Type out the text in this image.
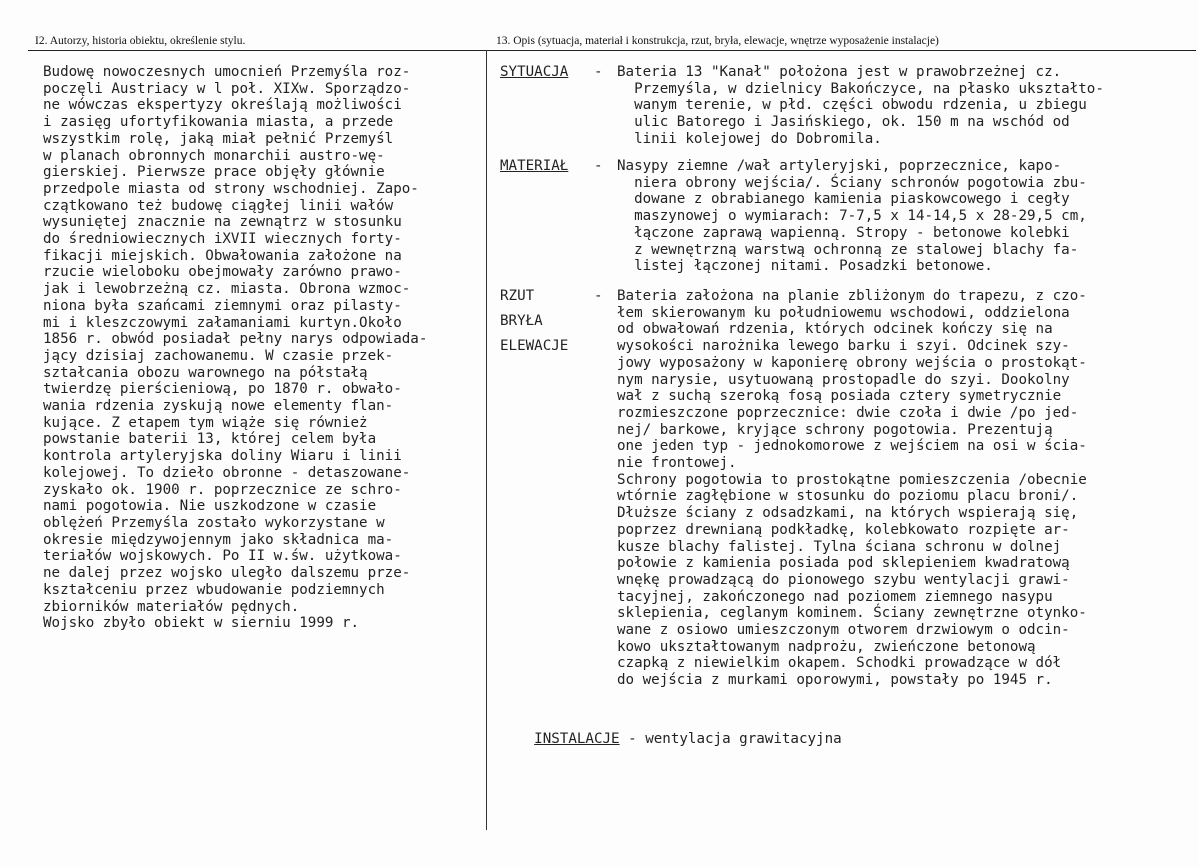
I2. Autorzy, historia obiektu, określenie stylu.	13. Opis (sytuacja, materiał i konstrukcja, rzut, bryła, elewacje, wnętrze wyposażenie instalacje)
Budowę nowoczesnych umocnień Przemyśla roz-
poczęli Austriacy w l poł. XIXw. Sporządzo-
ne wówczas ekspertyzy określają możliwości
i zasięg ufortyfikowania miasta, a przede
wszystkim rolę, jaką miał pełnić Przemyśl
w planach obronnych monarchii austro-wę-
gierskiej. Pierwsze prace objęły głównie
przedpole miasta od strony wschodniej. Zapo-
czątkowano też budowę ciągłej linii wałów
wysuniętej znacznie na zewnątrz w stosunku
do średniowiecznych iXVII wiecznych forty-
fikacji miejskich. Obwałowania założone na
rzucie wieloboku obejmowały zarówno prawo-
jak i lewobrzeżną cz. miasta. Obrona wzmoc-
niona była szańcami ziemnymi oraz pilasty-
mi i kleszczowymi załamaniami kurtyn.Około
1856 r. obwód posiadał pełny narys odpowiada-
jący dzisiaj zachowanemu. W czasie przek-
ształcania obozu warownego na półstałą
twierdzę pierścieniową, po 1870 r. obwało-
wania rdzenia zyskują nowe elementy flan-
kujące. Z etapem tym wiąże się również
powstanie baterii 13, której celem była
kontrola artyleryjska doliny Wiaru i linii
kolejowej. To dzieło obronne - detaszowane-
zyskało ok. 1900 r. poprzecznice ze schro-
nami pogotowia. Nie uszkodzone w czasie
oblężeń Przemyśla zostało wykorzystane w
okresie międzywojennym jako składnica ma-
teriałów wojskowych. Po II w.św. użytkowa-
ne dalej przez wojsko uległo dalszemu prze-
kształceniu przez wbudowanie podziemnych
zbiorników materiałów pędnych.
Wojsko zbyło obiekt w sierniu 1999 r.
SYTUACJA - Bateria 13 "Kanał" położona jest w prawobrzeżnej cz.
Przemyśla, w dzielnicy Bakończyce, na płasko ukształto-
wanym terenie, w płd. części obwodu rdzenia, u zbiegu
ulic Batorego i Jasińskiego, ok. 150 m na wschód od
linii kolejowej do Dobromila.
MATERIAŁ - Nasypy ziemne /wał artyleryjski, poprzecznice, kapo-
niera obrony wejścia/. Ściany schronów pogotowia zbu-
dowane z obrabianego kamienia piaskowcowego i cegły
maszynowej o wymiarach: 7-7,5 x 14-14,5 x 28-29,5 cm,
łączone zaprawą wapienną. Stropy - betonowe kolebki
z wewnętrzną warstwą ochronną ze stalowej blachy fa-
listej łączonej nitami. Posadzki betonowe.
RZUT
BRYŁA
ELEWACJE
- Bateria założona na planie zbliżonym do trapezu, z czo-
łem skierowanym ku południowemu wschodowi, oddzielona
od obwałowań rdzenia, których odcinek kończy się na
wysokości narożnika lewego barku i szyi. Odcinek szy-
jowy wyposażony w kaponierę obrony wejścia o prostokąt-
nym narysie, usytuowaną prostopadle do szyi. Dookolny
wał z suchą szeroką fosą posiada cztery symetrycznie
rozmieszczone poprzecznice: dwie czoła i dwie /po jed-
nej/ barkowe, kryjące schrony pogotowia. Prezentują
one jeden typ - jednokomorowe z wejściem na osi w ścia-
nie frontowej.
Schrony pogotowia to prostokątne pomieszczenia /obecnie
wtórnie zagłębione w stosunku do poziomu placu broni/.
Dłuższe ściany z odsadzkami, na których wspierają się,
poprzez drewnianą podkładkę, kolebkowato rozpięte ar-
kusze blachy falistej. Tylna ściana schronu w dolnej
połowie z kamienia posiada pod sklepieniem kwadratową
wnękę prowadzącą do pionowego szybu wentylacji grawi-
tacyjnej, zakończonego nad poziomem ziemnego nasypu
sklepienia, ceglanym kominem. Ściany zewnętrzne otynko-
wane z osiowo umieszczonym otworem drzwiowym o odcin-
kowo ukształtowanym nadprożu, zwieńczone betonową
czapką z niewielkim okapem. Schodki prowadzące w dół
do wejścia z murkami oporowymi, powstały po 1945 r.

INSTALACJE - wentylacja grawitacyjna
